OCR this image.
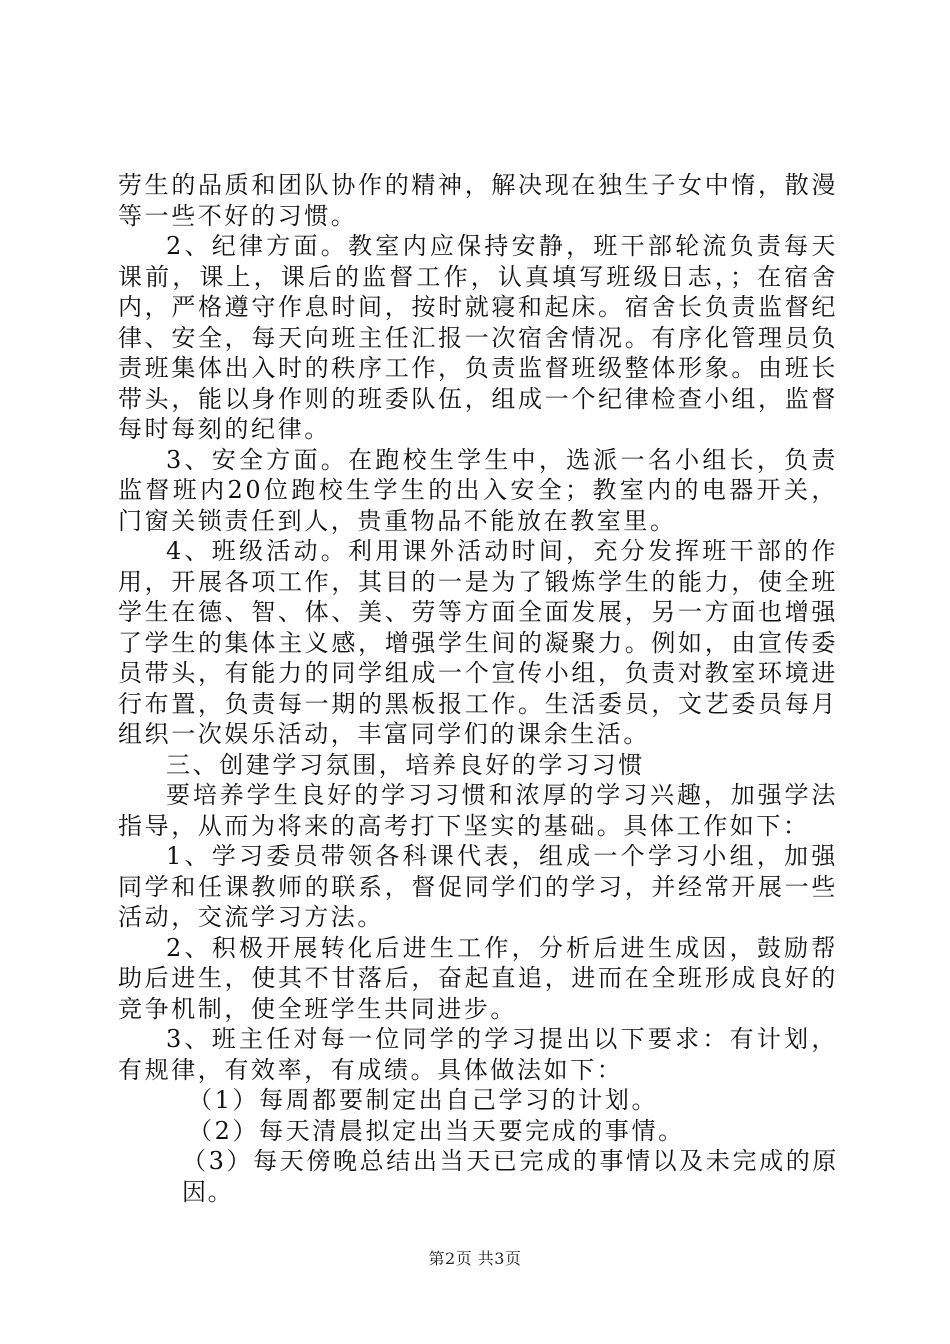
劳生的品质和团队协作的精神，解决现在独生子女中惰，散漫等一些不好的习惯。

2、纪律方面。教室内应保持安静，班干部轮流负责每天课前，课上，课后的监督工作，认真填写班级日志，；在宿舍内，严格遵守作息时间，按时就寝和起床。宿舍长负责监督纪律、安全，每天向班主任汇报一次宿舍情况。有序化管理员负责班集体出入时的秩序工作，负责监督班级整体形象。由班长带头，能以身作则的班委队伍，组成一个纪律检查小组，监督每时每刻的纪律。

3、安全方面。在跑校生学生中，选派一名小组长，负责监督班内20位跑校生学生的出入安全；教室内的电器开关，门窗关锁责任到人，贵重物品不能放在教室里。

4、班级活动。利用课外活动时间，充分发挥班干部的作用，开展各项工作，其目的一是为了锻炼学生的能力，使全班学生在德、智、体、美、劳等方面全面发展，另一方面也增强了学生的集体主义感，增强学生间的凝聚力。例如，由宣传委员带头，有能力的同学组成一个宣传小组，负责对教室环境进行布置，负责每一期的黑板报工作。生活委员，文艺委员每月组织一次娱乐活动，丰富同学们的课余生活。

三、创建学习氛围，培养良好的学习习惯

要培养学生良好的学习习惯和浓厚的学习兴趣，加强学法指导，从而为将来的高考打下坚实的基础。具体工作如下：

1、学习委员带领各科课代表，组成一个学习小组，加强同学和任课教师的联系，督促同学们的学习，并经常开展一些活动，交流学习方法。

2、积极开展转化后进生工作，分析后进生成因，鼓励帮助后进生，使其不甘落后，奋起直追，进而在全班形成良好的竞争机制，使全班学生共同进步。

3、班主任对每一位同学的学习提出以下要求：有计划，有规律，有效率，有成绩。具体做法如下：

（1）每周都要制定出自己学习的计划。

（2）每天清晨拟定出当天要完成的事情。

（3）每天傍晚总结出当天已完成的事情以及未完成的原因。

第2页 共3页
